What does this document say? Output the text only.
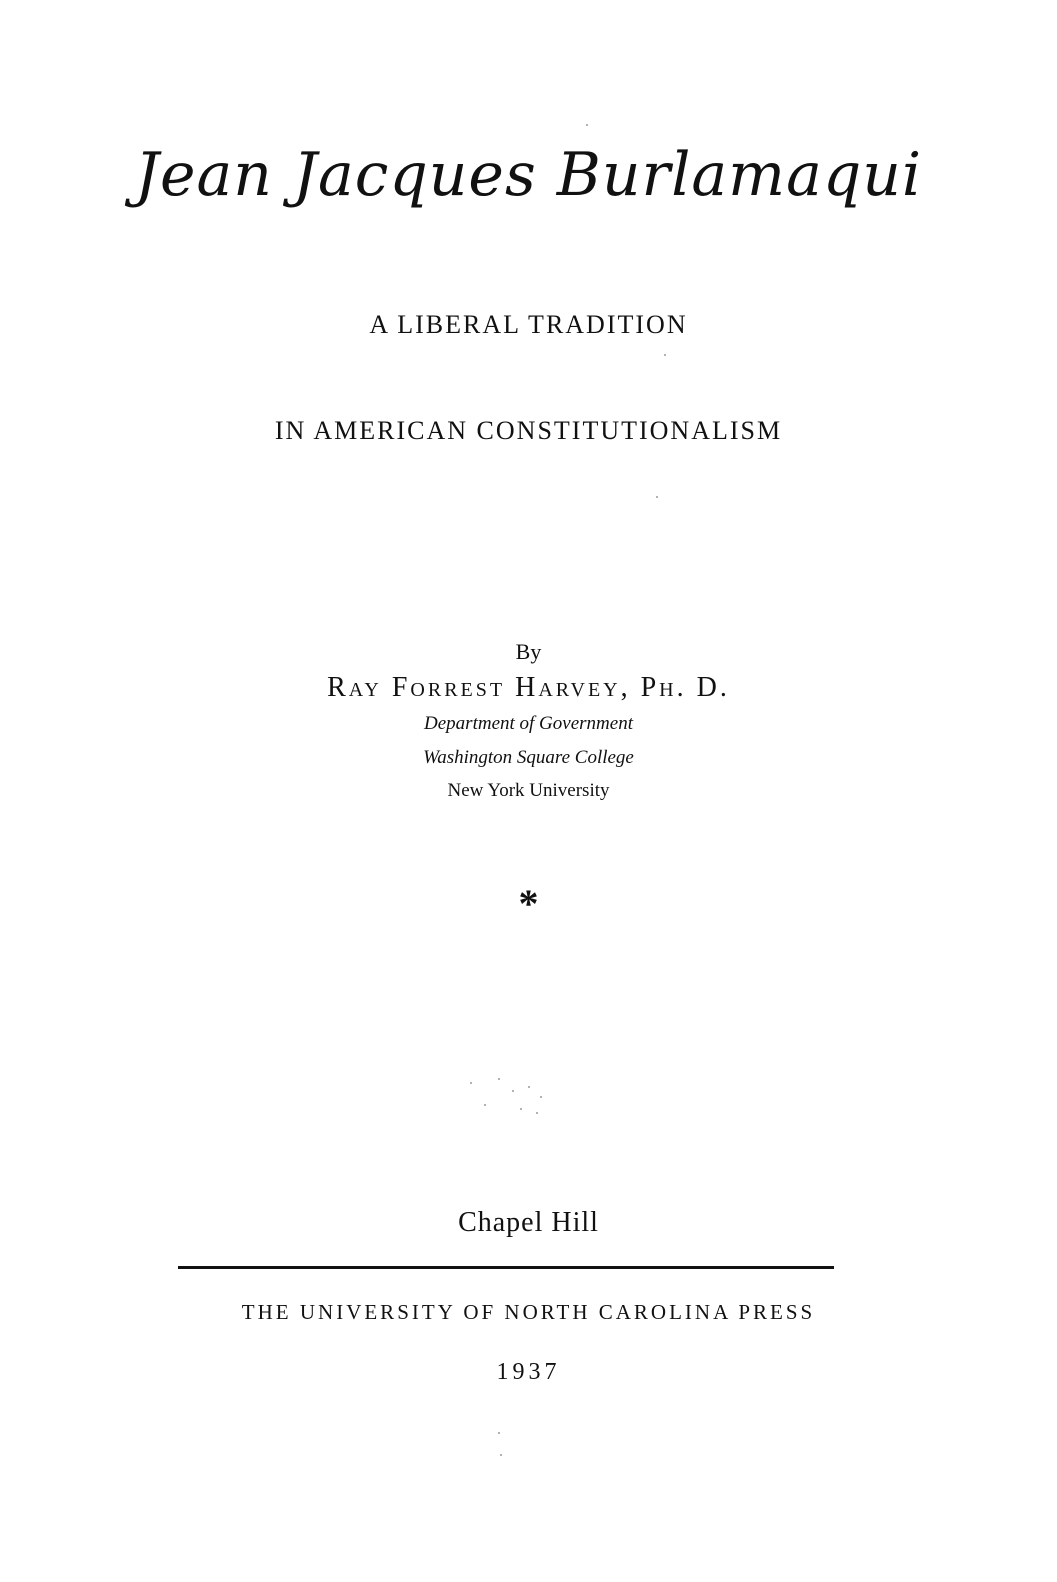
Jean Jacques Burlamaqui
A LIBERAL TRADITION
IN AMERICAN CONSTITUTIONALISM
By
Ray Forrest Harvey, Ph. D.
Department of Government
Washington Square College
New York University
*
Chapel Hill
THE UNIVERSITY OF NORTH CAROLINA PRESS
1937
